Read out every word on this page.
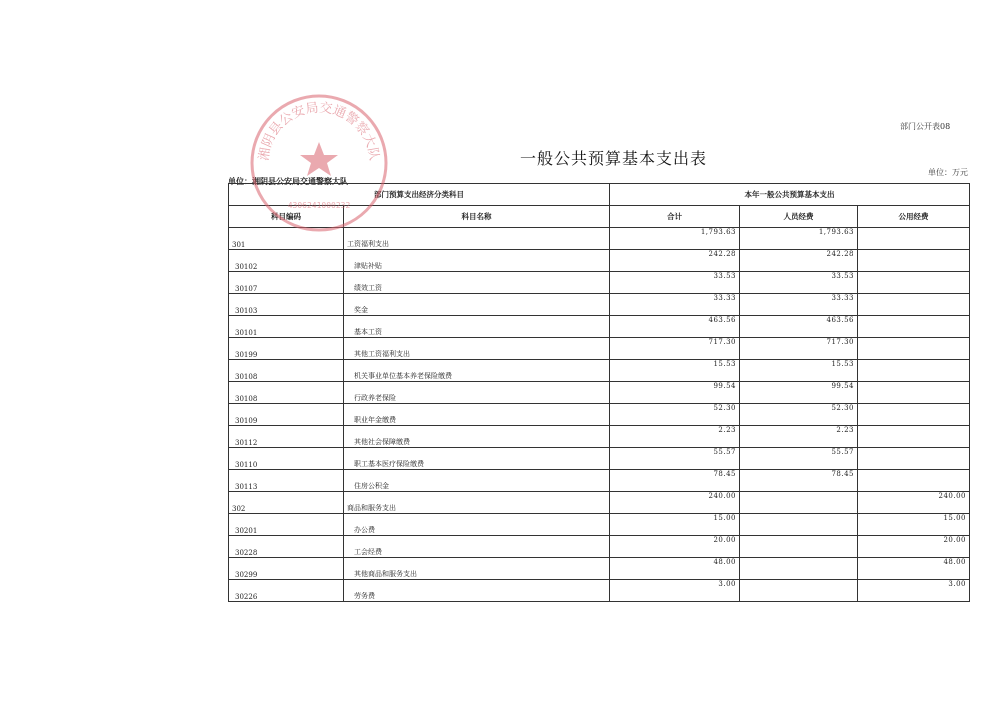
部门公开表08
一般公共预算基本支出表
单位：湘阴县公安局交通警察大队
单位：万元
部门预算支出经济分类科目		本年一般公共预算基本支出		
科目编码	科目名称	合计	人员经费	公用经费
301	工资福利支出	1,793.63	1,793.63	
30102	津贴补贴	242.28	242.28	
30107	绩效工资	33.53	33.53	
30103	奖金	33.33	33.33	
30101	基本工资	463.56	463.56	
30199	其他工资福利支出	717.30	717.30	
30108	机关事业单位基本养老保险缴费	15.53	15.53	
30108	行政养老保险	99.54	99.54	
30109	职业年金缴费	52.30	52.30	
30112	其他社会保障缴费	2.23	2.23	
30110	职工基本医疗保险缴费	55.57	55.57	
30113	住房公积金	78.45	78.45	
302	商品和服务支出	240.00		240.00
30201	办公费	15.00		15.00
30228	工会经费	20.00		20.00
30299	其他商品和服务支出	48.00		48.00
30226	劳务费	3.00		3.00
湘阴县公安局交通警察大队
4306241000232
